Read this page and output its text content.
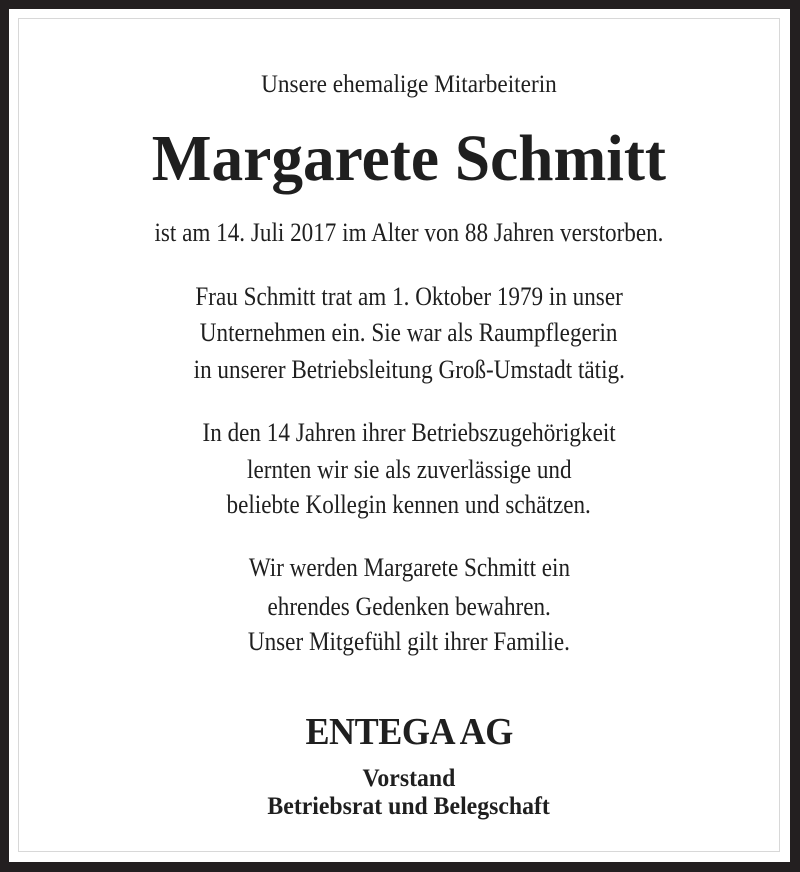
Unsere ehemalige Mitarbeiterin
Margarete Schmitt
ist am 14. Juli 2017 im Alter von 88 Jahren verstorben.
Frau Schmitt trat am 1. Oktober 1979 in unser
Unternehmen ein. Sie war als Raumpflegerin
in unserer Betriebsleitung Groß-Umstadt tätig.
In den 14 Jahren ihrer Betriebszugehörigkeit
lernten wir sie als zuverlässige und
beliebte Kollegin kennen und schätzen.
Wir werden Margarete Schmitt ein
ehrendes Gedenken bewahren.
Unser Mitgefühl gilt ihrer Familie.
ENTEGA AG
Vorstand
Betriebsrat und Belegschaft
